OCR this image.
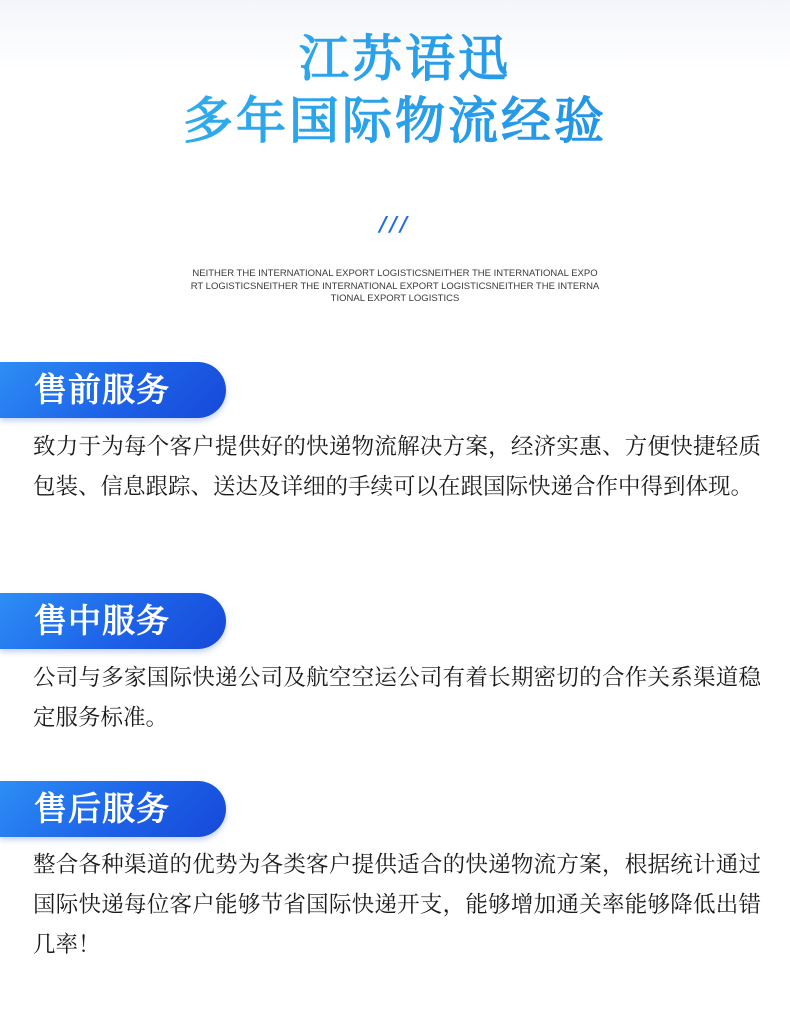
江苏语迅
多年国际物流经验
///
NEITHER THE INTERNATIONAL EXPORT LOGISTICSNEITHER THE INTERNATIONAL EXPORT LOGISTICSNEITHER THE INTERNATIONAL EXPORT LOGISTICSNEITHER THE INTERNATIONAL EXPORT LOGISTICS
售前服务
致力于为每个客户提供好的快递物流解决方案，经济实惠、方便快捷轻质包装、信息跟踪、送达及详细的手续可以在跟国际快递合作中得到体现。
售中服务
公司与多家国际快递公司及航空空运公司有着长期密切的合作关系渠道稳定服务标准。
售后服务
整合各种渠道的优势为各类客户提供适合的快递物流方案，根据统计通过国际快递每位客户能够节省国际快递开支，能够增加通关率能够降低出错几率！
